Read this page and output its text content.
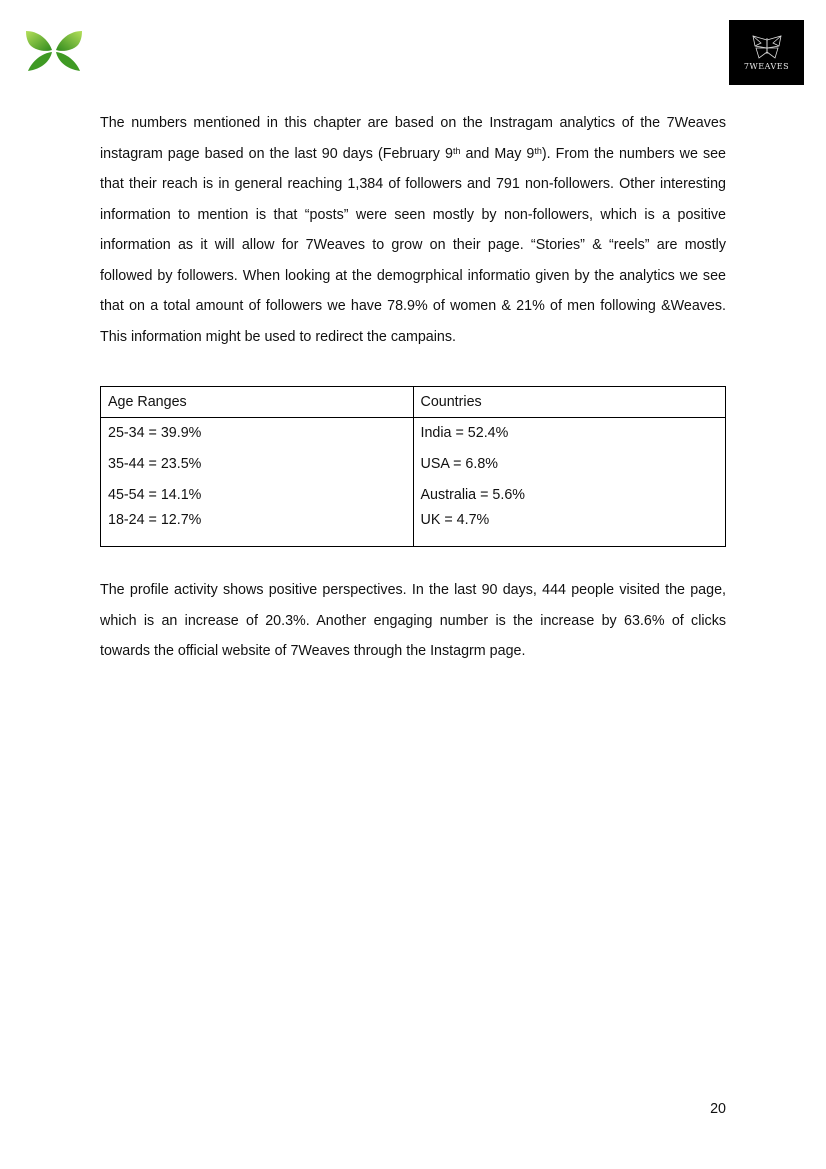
7WEAVES

The numbers mentioned in this chapter are based on the Instragam analytics of the 7Weaves instagram page based on the last 90 days (February 9th and May 9th). From the numbers we see that their reach is in general reaching 1,384 of followers and 791 non-followers. Other interesting information to mention is that “posts” were seen mostly by non-followers, which is a positive information as it will allow for 7Weaves to grow on their page. “Stories” & “reels” are mostly followed by followers. When looking at the demogrphical informatio given by the analytics we see that on a total amount of followers we have 78.9% of women & 21% of men following &Weaves. This information might be used to redirect the campains.

Age Ranges	Countries
25-34 = 39.9%	India = 52.4%
35-44 = 23.5%	USA = 6.8%
45-54 = 14.1%	Australia = 5.6%
18-24 = 12.7%	UK = 4.7%

The profile activity shows positive perspectives. In the last 90 days, 444 people visited the page, which is an increase of 20.3%. Another engaging number is the increase by 63.6% of clicks towards the official website of 7Weaves through the Instagrm page.

20
